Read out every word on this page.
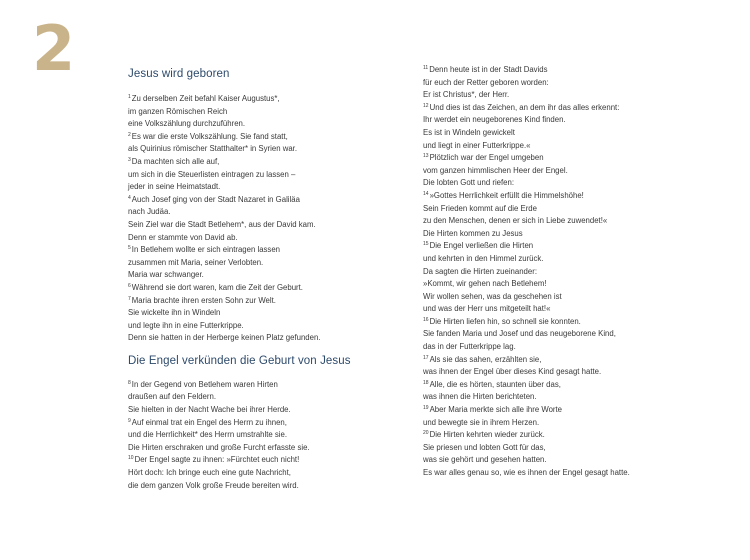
2	Jesus wird geboren
$^1$Zu derselben Zeit befahl Kaiser Augustus*,
im ganzen Römischen Reich
eine Volkszählung durchzuführen.
$^2$Es war die erste Volkszählung. Sie fand statt,
als Quirinius römischer Statthalter* in Syrien war.
$^3$Da machten sich alle auf,
um sich in die Steuerlisten eintragen zu lassen –
jeder in seine Heimatstadt.
$^4$Auch Josef ging von der Stadt Nazaret in Galiläa
nach Judäa.
Sein Ziel war die Stadt Betlehem*, aus der David kam.
Denn er stammte von David ab.
$^5$In Betlehem wollte er sich eintragen lassen
zusammen mit Maria, seiner Verlobten.
Maria war schwanger.
$^6$Während sie dort waren, kam die Zeit der Geburt.
$^7$Maria brachte ihren ersten Sohn zur Welt.
Sie wickelte ihn in Windeln
und legte ihn in eine Futterkrippe.
Denn sie hatten in der Herberge keinen Platz gefunden.
Die Engel verkünden die Geburt von Jesus
$^8$In der Gegend von Betlehem waren Hirten
draußen auf den Feldern.
Sie hielten in der Nacht Wache bei ihrer Herde.
$^9$Auf einmal trat ein Engel des Herrn zu ihnen,
und die Herrlichkeit* des Herrn umstrahlte sie.
Die Hirten erschraken und große Furcht erfasste sie.
$^{10}$Der Engel sagte zu ihnen: »Fürchtet euch nicht!
Hört doch: Ich bringe euch eine gute Nachricht,
die dem ganzen Volk große Freude bereiten wird.
$^{11}$Denn heute ist in der Stadt Davids
für euch der Retter geboren worden:
Er ist Christus*, der Herr.
$^{12}$Und dies ist das Zeichen, an dem ihr das alles erkennt:
Ihr werdet ein neugeborenes Kind finden.
Es ist in Windeln gewickelt
und liegt in einer Futterkrippe.«
$^{13}$Plötzlich war der Engel umgeben
vom ganzen himmlischen Heer der Engel.
Die lobten Gott und riefen:
$^{14}$»Gottes Herrlichkeit erfüllt die Himmelshöhe!
Sein Frieden kommt auf die Erde
zu den Menschen, denen er sich in Liebe zuwendet!«
Die Hirten kommen zu Jesus
$^{15}$Die Engel verließen die Hirten
und kehrten in den Himmel zurück.
Da sagten die Hirten zueinander:
»Kommt, wir gehen nach Betlehem!
Wir wollen sehen, was da geschehen ist
und was der Herr uns mitgeteilt hat!«
$^{16}$Die Hirten liefen hin, so schnell sie konnten.
Sie fanden Maria und Josef und das neugeborene Kind,
das in der Futterkrippe lag.
$^{17}$Als sie das sahen, erzählten sie,
was ihnen der Engel über dieses Kind gesagt hatte.
$^{18}$Alle, die es hörten, staunten über das,
was ihnen die Hirten berichteten.
$^{19}$Aber Maria merkte sich alle ihre Worte
und bewegte sie in ihrem Herzen.
$^{20}$Die Hirten kehrten wieder zurück.
Sie priesen und lobten Gott für das,
was sie gehört und gesehen hatten.
Es war alles genau so, wie es ihnen der Engel gesagt hatte.
